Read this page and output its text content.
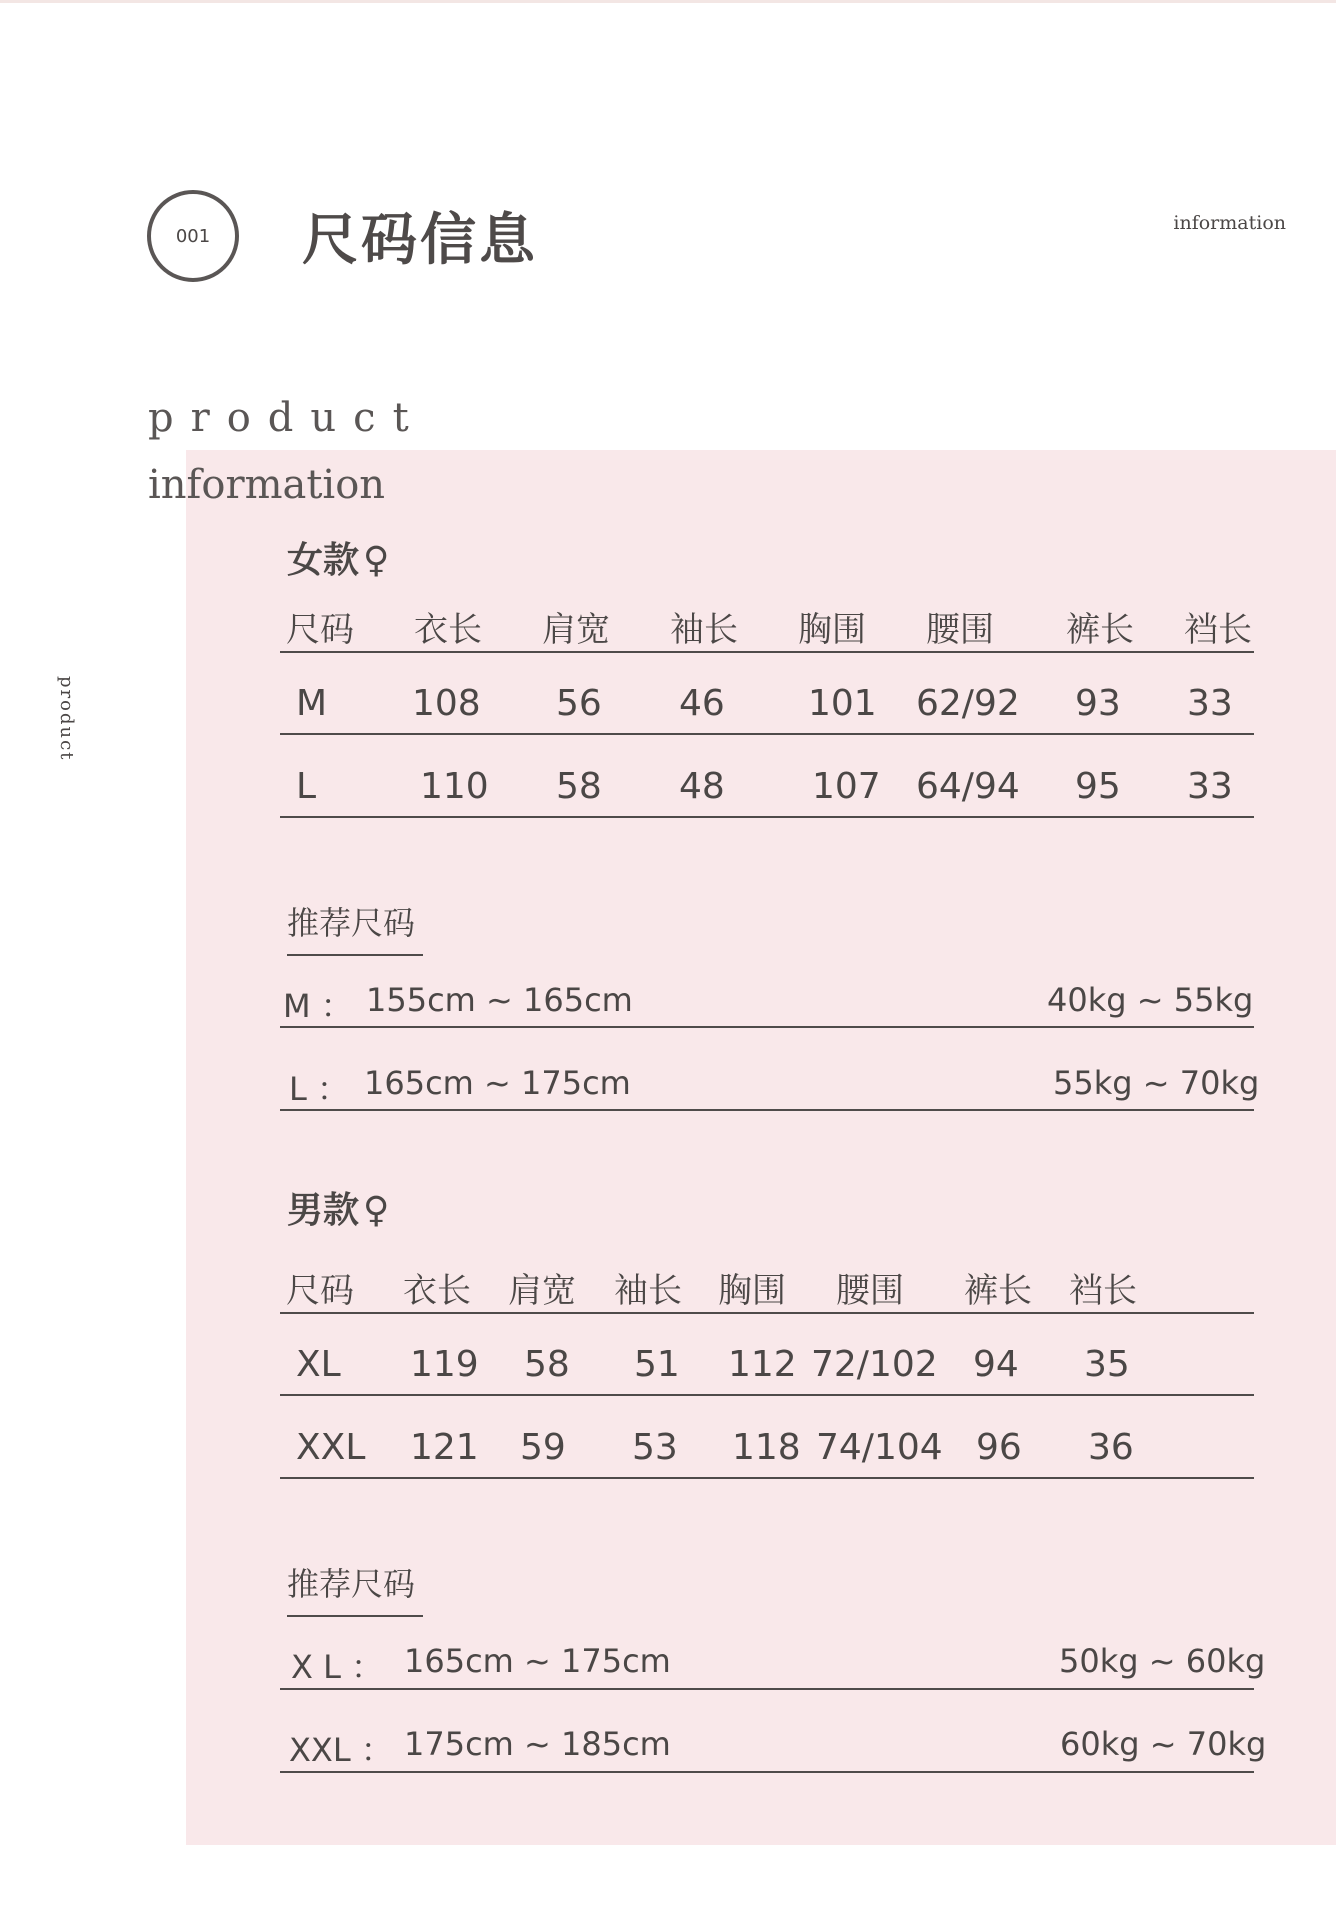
001 尺码信息	information
product
information
product
女款 ♀
尺码 衣长 肩宽 袖长 胸围 腰围 裤长 裆长
M 108 56 46 101 62/92 93 33
L	110 58 48 107 64/94 95 33
推荐尺码
M ： 155cm ~ 165cm	40kg ~ 55kg
L ： 165cm ~ 175cm	55kg ~ 70kg
男款 ♀
尺码 衣长 肩宽 袖长 胸围 腰围 裤长 裆长
XL 119 58 51 112 72/102 94 35
XXL 121 59 53 118 74/104 96 36
推荐尺码
X L ： 165cm ~ 175cm	50kg ~ 60kg
XXL ： 175cm ~ 185cm	60kg ~ 70kg
